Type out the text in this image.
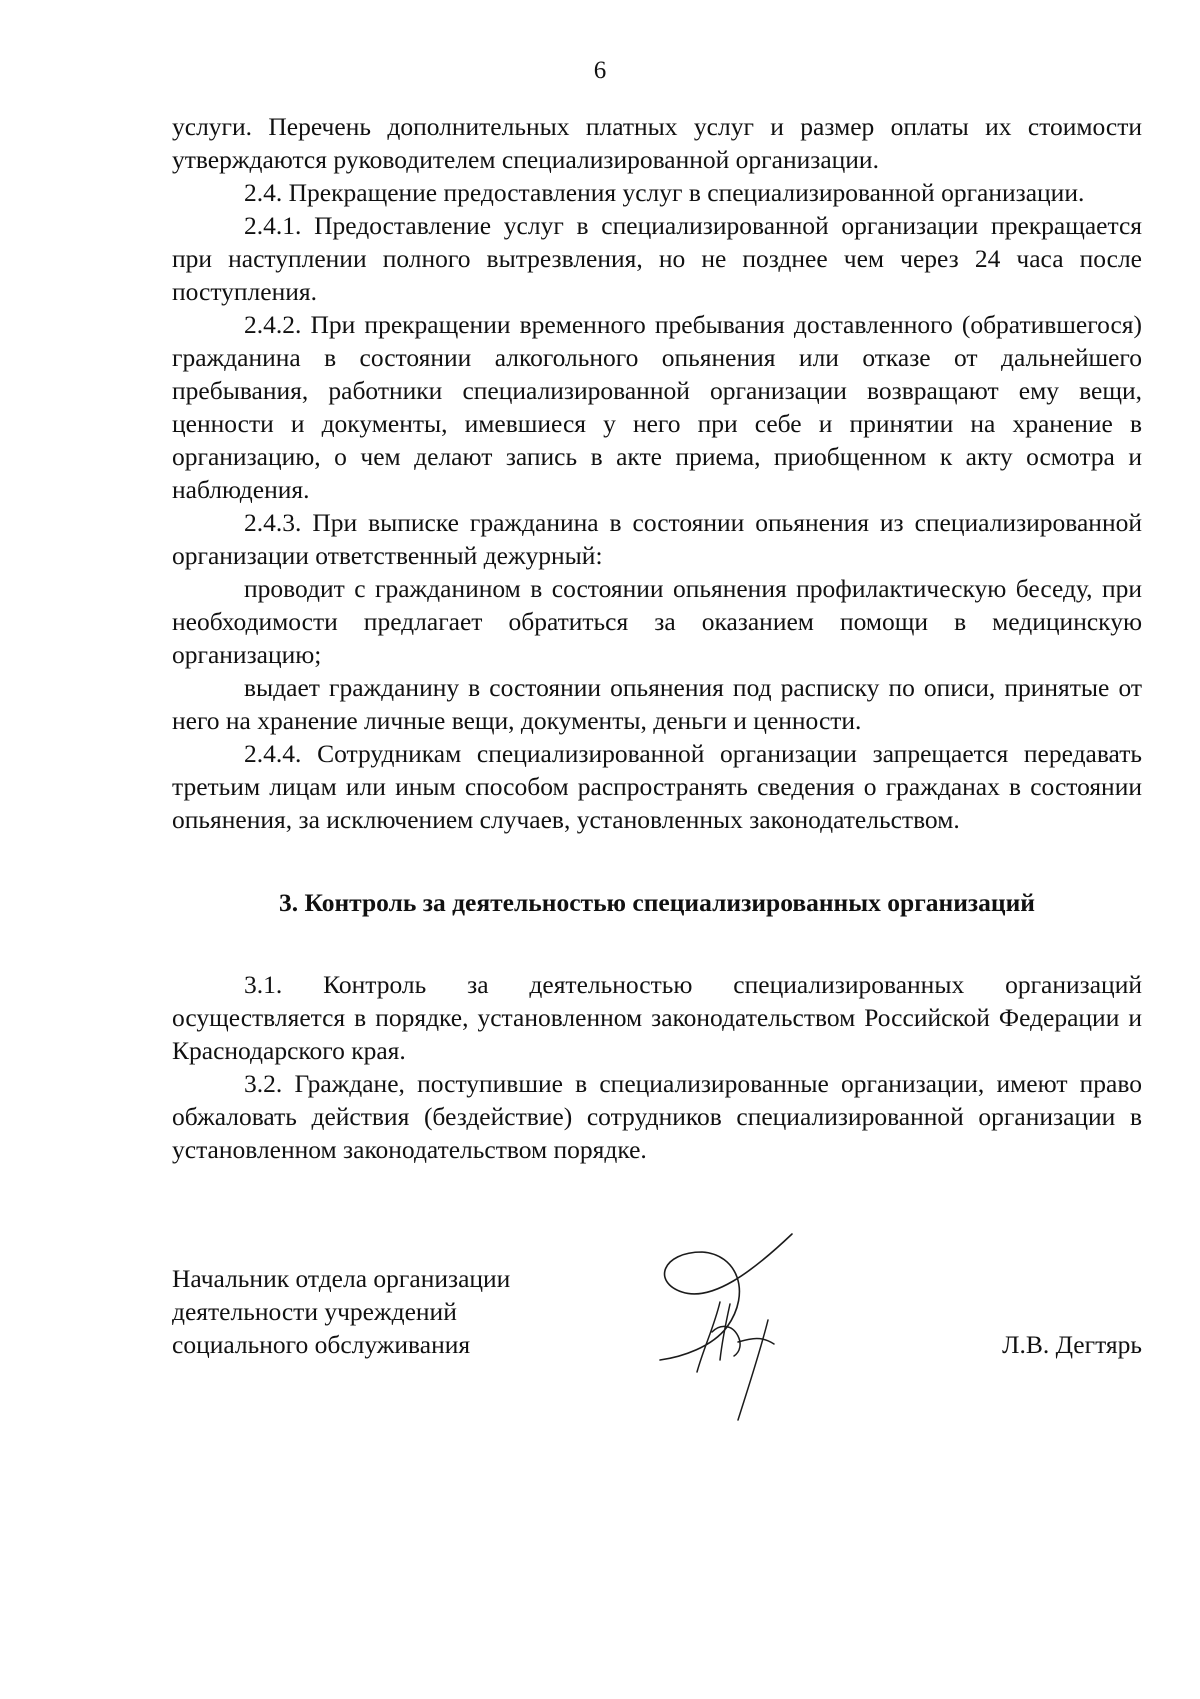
6

услуги. Перечень дополнительных платных услуг и размер оплаты их стоимости утверждаются руководителем специализированной организации.

2.4. Прекращение предоставления услуг в специализированной организации.

2.4.1. Предоставление услуг в специализированной организации прекращается при наступлении полного вытрезвления, но не позднее чем через 24 часа после поступления.

2.4.2. При прекращении временного пребывания доставленного (обратившегося) гражданина в состоянии алкогольного опьянения или отказе от дальнейшего пребывания, работники специализированной организации возвращают ему вещи, ценности и документы, имевшиеся у него при себе и принятии на хранение в организацию, о чем делают запись в акте приема, приобщенном к акту осмотра и наблюдения.

2.4.3. При выписке гражданина в состоянии опьянения из специализированной организации ответственный дежурный:

проводит с гражданином в состоянии опьянения профилактическую беседу, при необходимости предлагает обратиться за оказанием помощи в медицинскую организацию;

выдает гражданину в состоянии опьянения под расписку по описи, принятые от него на хранение личные вещи, документы, деньги и ценности.

2.4.4. Сотрудникам специализированной организации запрещается передавать третьим лицам или иным способом распространять сведения о гражданах в состоянии опьянения, за исключением случаев, установленных законодательством.

3. Контроль за деятельностью специализированных организаций

3.1. Контроль за деятельностью специализированных организаций осуществляется в порядке, установленном законодательством Российской Федерации и Краснодарского края.

3.2. Граждане, поступившие в специализированные организации, имеют право обжаловать действия (бездействие) сотрудников специализированной организации в установленном законодательством порядке.

Начальник отдела организации
деятельности учреждений
социального обслуживания	Л.В. Дегтярь
